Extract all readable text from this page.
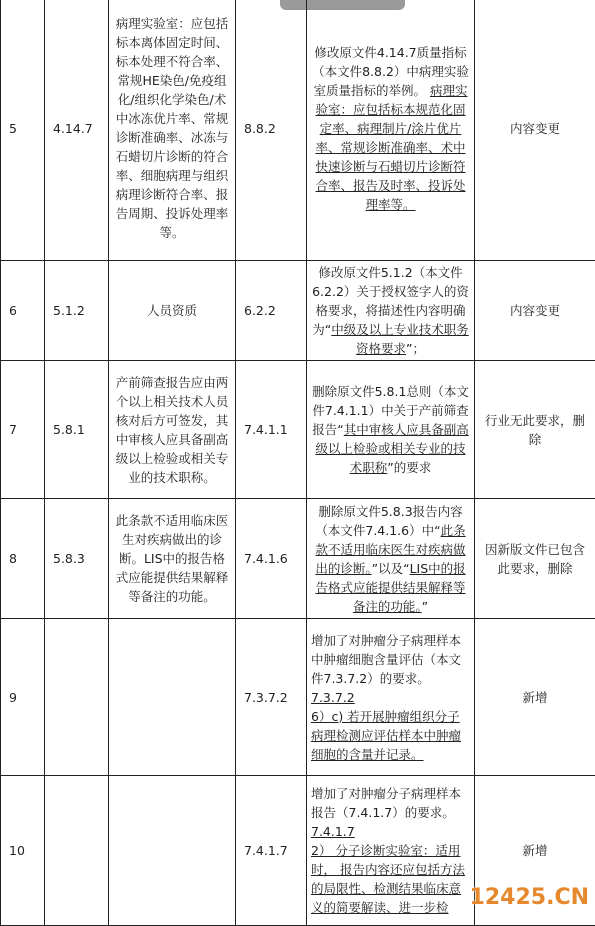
5	4.14.7	病理实验室：应包括标本离体固定时间、标本处理不符合率、常规HE染色/免疫组化/组织化学染色/术中冰冻优片率、常规诊断准确率、冰冻与石蜡切片诊断的符合率、细胞病理与组织病理诊断符合率、报告周期、投诉处理率等。	8.8.2	修改原文件4.14.7质量指标（本文件8.8.2）中病理实验室质量指标的举例。 病理实验室：应包括标本规范化固定率、病理制片/涂片优片率、常规诊断准确率、术中快速诊断与石蜡切片诊断符合率、报告及时率、投诉处理率等。	内容变更
6	5.1.2	人员资质	6.2.2	修改原文件5.1.2（本文件6.2.2）关于授权签字人的资格要求，将描述性内容明确为“中级及以上专业技术职务资格要求”；	内容变更
7	5.8.1	产前筛查报告应由两个以上相关技术人员核对后方可签发，其中审核人应具备副高级以上检验或相关专业的技术职称。	7.4.1.1	删除原文件5.8.1总则（本文件7.4.1.1）中关于产前筛查报告“其中审核人应具备副高级以上检验或相关专业的技术职称”的要求	行业无此要求，删除
8	5.8.3	此条款不适用临床医生对疾病做出的诊断。LIS中的报告格式应能提供结果解释等备注的功能。	7.4.1.6	删除原文件5.8.3报告内容（本文件7.4.1.6）中“此条款不适用临床医生对疾病做出的诊断。”以及“LIS中的报告格式应能提供结果解释等备注的功能。”	因新版文件已包含此要求，删除
9			7.3.7.2	增加了对肿瘤分子病理样本中肿瘤细胞含量评估（本文件7.3.7.2）的要求。
7.3.7.2
6）c) 若开展肿瘤组织分子病理检测应评估样本中肿瘤细胞的含量并记录。	新增
10			7.4.1.7	增加了对肿瘤分子病理样本报告（7.4.1.7）的要求。
7.4.1.7
2） 分子诊断实验室：适用时， 报告内容还应包括方法的局限性、检测结果临床意义的简要解读、进一步检	新增
12425.CN
